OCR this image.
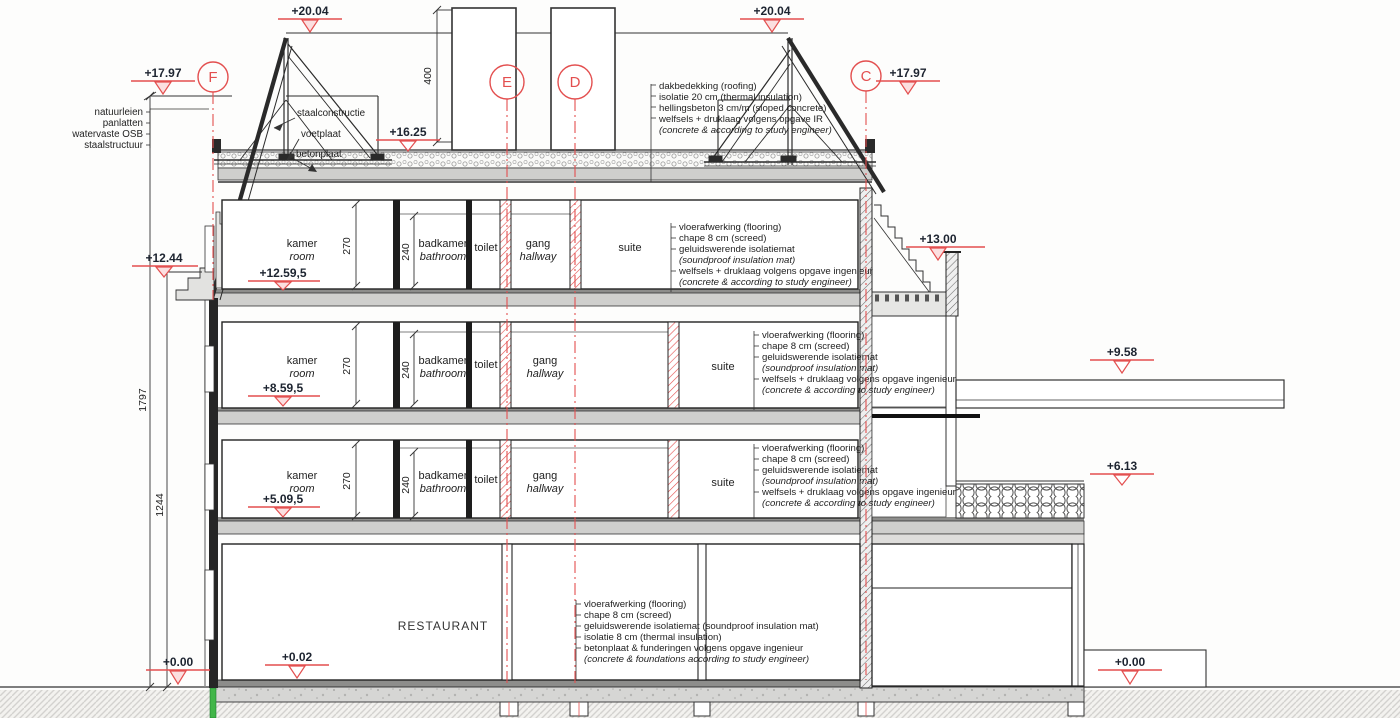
1797
1244
400
270	240
270	240
270	240
kamer
room
badkamer
bathroom
toilet	gang
hallway
suite
kamer
room
badkamer
bathroom
toilet	gang
hallway
suite
kamer
room
badkamer
bathroom
toilet	gang
hallway	suite
RESTAURANT
dakbedekking (roofing)
isolatie 20 cm (thermal insulation)
hellingsbeton 3 cm/m (sloped concrete)
welfsels + druklaag volgens opgave IR
(concrete & according to study engineer)
vloerafwerking (flooring)
chape 8 cm (screed)
geluidswerende isolatiemat
(soundproof insulation mat)
welfsels + druklaag volgens opgave ingenieur
(concrete & according to study engineer)
vloerafwerking (flooring)
chape 8 cm (screed)
geluidswerende isolatiemat
(soundproof insulation mat)
welfsels + druklaag volgens opgave ingenieur
(concrete & according to study engineer)
vloerafwerking (flooring)
chape 8 cm (screed)
geluidswerende isolatiemat
(soundproof insulation mat)
welfsels + druklaag volgens opgave ingenieur
(concrete & according to study engineer)
vloerafwerking (flooring)
chape 8 cm (screed)
geluidswerende isolatiemat (soundproof insulation mat)
isolatie 8 cm (thermal insulation)
betonplaat & funderingen volgens opgave ingenieur
(concrete & foundations according to study engineer)
natuurleien
panlatten
watervaste OSB
staalstructuur
staalconstructie
voetplaat
betonplaat
F	E	D	C
+20.04	+20.04
+17.97	+17.97
+16.25
+13.00
+12.59,5
+12.44
+9.58
+8.59,5
+6.13
+5.09,5
+0.02
+0.00	+0.00
